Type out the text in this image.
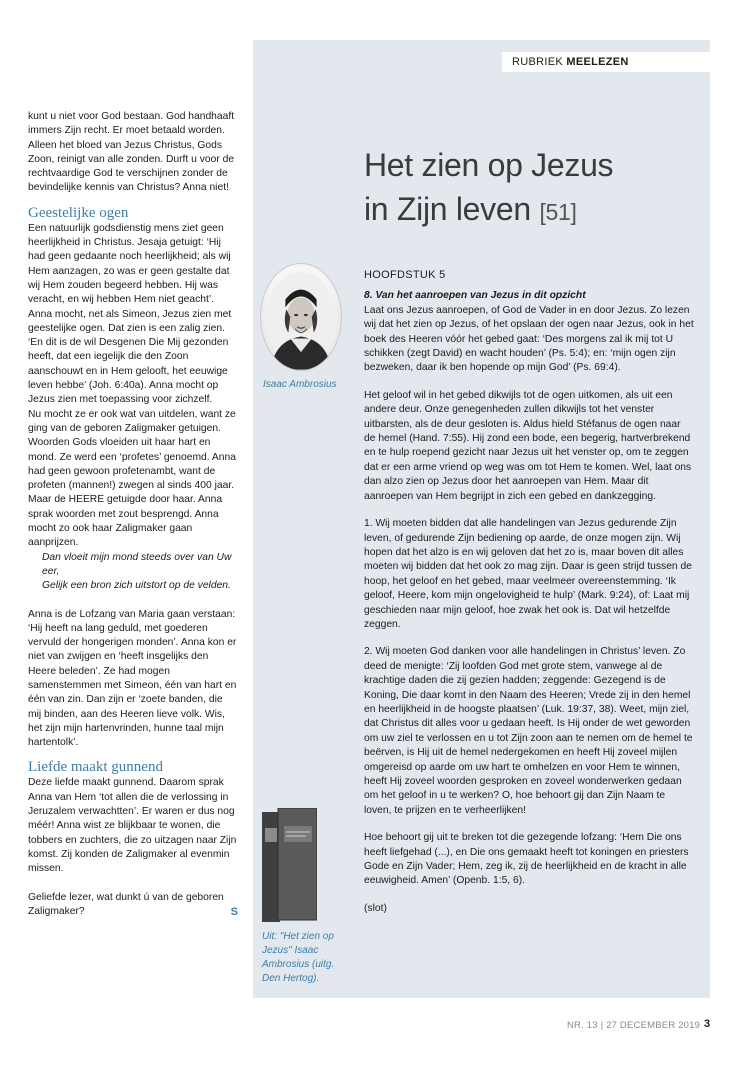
RUBRIEK MEELEZEN

kunt u niet voor God bestaan. God handhaaft immers Zijn recht. Er moet betaald worden. Alleen het bloed van Jezus Christus, Gods Zoon, reinigt van alle zonden. Durft u voor de rechtvaardige God te verschijnen zonder de bevindelijke kennis van Christus? Anna niet!

Geestelijke ogen

Een natuurlijk godsdienstig mens ziet geen heerlijkheid in Christus. Jesaja getuigt: ‘Hij had geen gedaante noch heerlijkheid; als wij Hem aanzagen, zo was er geen gestalte dat wij Hem zouden begeerd hebben. Hij was veracht, en wij hebben Hem niet geacht’.

Anna mocht, net als Simeon, Jezus zien met geestelijke ogen. Dat zien is een zalig zien. ‘En dit is de wil Desgenen Die Mij gezonden heeft, dat een iegelijk die den Zoon aanschouwt en in Hem gelooft, het eeuwige leven hebbe’ (Joh. 6:40a). Anna mocht op Jezus zien met toepassing voor zichzelf.

Nu mocht ze er ook wat van uitdelen, want ze ging van de geboren Zaligmaker getuigen. Woorden Gods vloeiden uit haar hart en mond. Ze werd een ‘profetes’ genoemd. Anna had geen gewoon profetenambt, want de profeten (mannen!) zwegen al sinds 400 jaar. Maar de HEERE getuigde door haar. Anna sprak woorden met zout besprengd. Anna mocht zo ook haar Zaligmaker gaan aanprijzen.

Dan vloeit mijn mond steeds over van Uw eer,

Gelijk een bron zich uitstort op de velden.

Anna is de Lofzang van Maria gaan verstaan: ‘Hij heeft na lang geduld, met goederen vervuld der hongerigen monden’. Anna kon er niet van zwijgen en ‘heeft insgelijks den Heere beleden’. Ze had mogen samenstemmen met Simeon, één van hart en één van zin. Dan zijn er ‘zoete banden, die mij binden, aan des Heeren lieve volk. Wis, het zijn mijn hartenvrinden, hunne taal mijn hartentolk’.

Liefde maakt gunnend

Deze liefde maakt gunnend. Daarom sprak Anna van Hem ‘tot allen die de verlossing in Jeruzalem verwachtten’. Er waren er dus nog méér! Anna wist ze blijkbaar te wonen, die tobbers en zuchters, die zo uitzagen naar Zijn komst. Zij konden de Zaligmaker al evenmin missen.

Geliefde lezer, wat dunkt ú van de geboren Zaligmaker?	S

Het zien op Jezus
in Zijn leven [51]
Isaac Ambrosius
Uit: "Het zien op Jezus" Isaac Ambrosius (uitg. Den Hertog).

HOOFDSTUK 5

8. Van het aanroepen van Jezus in dit opzicht

Laat ons Jezus aanroepen, of God de Vader in en door Jezus. Zo lezen wij dat het zien op Jezus, of het opslaan der ogen naar Jezus, ook in het boek des Heeren vóór het gebed gaat: ‘Des morgens zal ik mij tot U schikken (zegt David) en wacht houden’ (Ps. 5:4); en: ‘mijn ogen zijn bezweken, daar ik ben hopende op mijn God’ (Ps. 69:4).

Het geloof wil in het gebed dikwijls tot de ogen uitkomen, als uit een andere deur. Onze genegenheden zullen dikwijls tot het venster uitbarsten, als de deur gesloten is. Aldus hield Stéfanus de ogen naar de hemel (Hand. 7:55). Hij zond een bode, een begerig, hartverbrekend en te hulp roepend gezicht naar Jezus uit het venster op, om te zeggen dat er een arme vriend op weg was om tot Hem te komen. Wel, laat ons dan alzo zien op Jezus door het aanroepen van Hem. Maar dit aanroepen van Hem begrijpt in zich een gebed en dankzegging.

1. Wij moeten bidden dat alle handelingen van Jezus gedurende Zijn leven, of gedurende Zijn bediening op aarde, de onze mogen zijn. Wij hopen dat het alzo is en wij geloven dat het zo is, maar boven dit alles moeten wij bidden dat het ook zo mag zijn. Daar is geen strijd tussen de hoop, het geloof en het gebed, maar veelmeer overeenstemming. ‘Ik geloof, Heere, kom mijn ongelovigheid te hulp’ (Mark. 9:24), of: Laat mij geschieden naar mijn geloof, hoe zwak het ook is. Dat wil hetzelfde zeggen.

2. Wij moeten God danken voor alle handelingen in Christus’ leven. Zo deed de menigte: ‘Zij loofden God met grote stem, vanwege al de krachtige daden die zij gezien hadden; zeggende: Gezegend is de Koning, Die daar komt in den Naam des Heeren; Vrede zij in den hemel en heerlijkheid in de hoogste plaatsen’ (Luk. 19:37, 38). Weet, mijn ziel, dat Christus dit alles voor u gedaan heeft. Is Hij onder de wet geworden om uw ziel te verlossen en u tot Zijn zoon aan te nemen om de hemel te beërven, is Hij uit de hemel nedergekomen en heeft Hij zoveel mijlen omgereisd op aarde om uw hart te omhelzen en voor Hem te winnen, heeft Hij zoveel woorden gesproken en zoveel wonderwerken gedaan om het geloof in u te werken? O, hoe behoort gij dan Zijn Naam te loven, te prijzen en te verheerlijken!

Hoe behoort gij uit te breken tot die gezegende lofzang: ‘Hem Die ons heeft liefgehad (...), en Die ons gemaakt heeft tot koningen en priesters Gode en Zijn Vader; Hem, zeg ik, zij de heerlijkheid en de kracht in alle eeuwigheid. Amen’ (Openb. 1:5, 6).

(slot)

NR. 13 | 27 DECEMBER 2019 3
